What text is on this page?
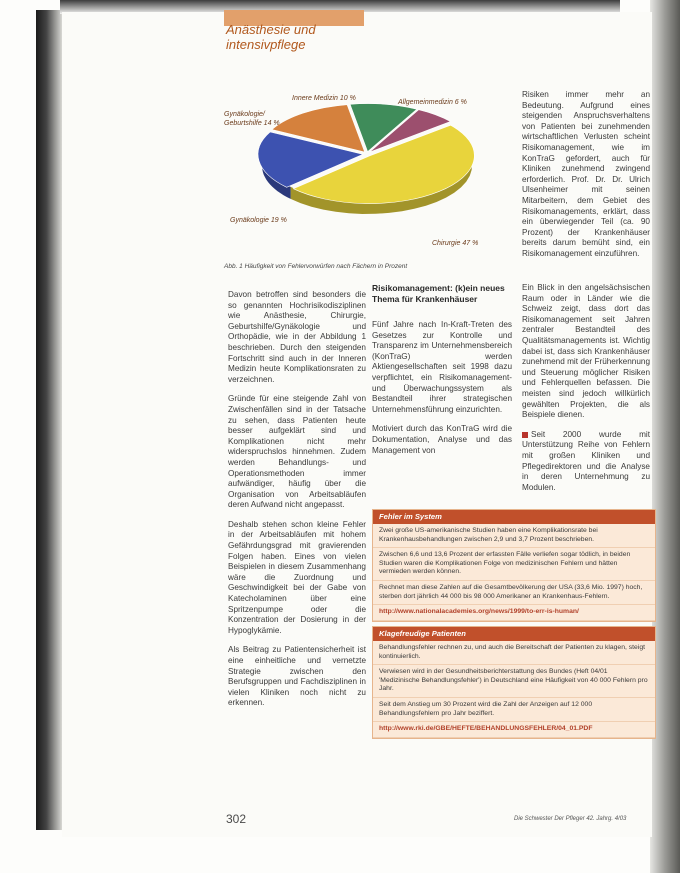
Anästhesie und
intensivpflege
Chirurgie 47 %
Gynäkologie 19 %
Gynäkologie/ Geburtshilfe 14 %
Innere Medizin 10 %
Allgemeinmedizin 6 %
Abb. 1 Häufigkeit von Fehlervorwürfen nach Fächern in Prozent

Davon betroffen sind besonders die so genannten Hochrisikodisziplinen wie Anästhesie, Chirurgie, Geburtshilfe/Gynäkologie und Orthopädie, wie in der Abbildung 1 beschrieben. Durch den steigenden Fortschritt sind auch in der Inneren Medizin heute Komplikationsraten zu verzeichnen.

Gründe für eine steigende Zahl von Zwischenfällen sind in der Tatsache zu sehen, dass Patienten heute besser aufgeklärt sind und Komplikationen nicht mehr widerspruchslos hinnehmen. Zudem werden Behandlungs- und Operationsmethoden immer aufwändiger, häufig über die Organisation von Arbeitsabläufen deren Aufwand nicht angepasst.

Deshalb stehen schon kleine Fehler in der Arbeitsabläufen mit hohem Gefährdungsgrad mit gravierenden Folgen haben. Eines von vielen Beispielen in diesem Zusammenhang wäre die Zuordnung und Geschwindigkeit bei der Gabe von Katecholaminen über eine Spritzenpumpe oder die Konzentration der Dosierung in der Hypoglykämie.

Als Beitrag zu Patientensicherheit ist eine einheitliche und vernetzte Strategie zwischen den Berufsgruppen und Fachdisziplinen in vielen Kliniken noch nicht zu erkennen.

Risikomanagement: (k)ein neues Thema für Krankenhäuser

Fünf Jahre nach In-Kraft-Treten des Gesetzes zur Kontrolle und Transparenz im Unternehmensbereich (KonTraG) werden Aktiengesellschaften seit 1998 dazu verpflichtet, ein Risikomanagement- und Überwachungssystem als Bestandteil ihrer strategischen Unternehmensführung einzurichten.

Motiviert durch das KonTraG wird die Dokumentation, Analyse und das Management von

Risiken immer mehr an Bedeutung. Aufgrund eines steigenden Anspruchsverhaltens von Patienten bei zunehmenden wirtschaftlichen Verlusten scheint Risikomanagement, wie im KonTraG gefordert, auch für Kliniken zunehmend zwingend erforderlich. Prof. Dr. Dr. Ulrich Ulsenheimer mit seinen Mitarbeitern, dem Gebiet des Risikomanagements, erklärt, dass ein überwiegender Teil (ca. 90 Prozent) der Krankenhäuser bereits darum bemüht sind, ein Risikomanagement einzuführen.

Ein Blick in den angelsächsischen Raum oder in Länder wie die Schweiz zeigt, dass dort das Risikomanagement seit Jahren zentraler Bestandteil des Qualitätsmanagements ist. Wichtig dabei ist, dass sich Krankenhäuser zunehmend mit der Früherkennung und Steuerung möglicher Risiken und Fehlerquellen befassen. Die meisten sind jedoch willkürlich gewählten Projekten, die als Beispiele dienen.

Seit 2000 wurde mit Unterstützung Reihe von Fehlern mit großen Kliniken und Pflegedirektoren und die Analyse in deren Unternehmung zu Modulen.

Fehler im System
Zwei große US-amerikanische Studien haben eine Komplikationsrate bei Krankenhausbehandlungen zwischen 2,9 und 3,7 Prozent beschrieben.
Zwischen 6,6 und 13,6 Prozent der erfassten Fälle verliefen sogar tödlich, in beiden Studien waren die Komplikationen Folge von medizinischen Fehlern und hätten vermieden werden können.
Rechnet man diese Zahlen auf die Gesamtbevölkerung der USA (33,6 Mio. 1997) hoch, sterben dort jährlich 44 000 bis 98 000 Amerikaner an Krankenhaus-Fehlern.
http://www.nationalacademies.org/news/1999/to-err-is-human/
Klagefreudige Patienten
Behandlungsfehler rechnen zu, und auch die Bereitschaft der Patienten zu klagen, steigt kontinuierlich.
Verwiesen wird in der Gesundheitsberichterstattung des Bundes (Heft 04/01 'Medizinische Behandlungsfehler') in Deutschland eine Häufigkeit von 40 000 Fehlern pro Jahr.
Seit dem Anstieg um 30 Prozent wird die Zahl der Anzeigen auf 12 000 Behandlungsfehlern pro Jahr beziffert.
http://www.rki.de/GBE/HEFTE/BEHANDLUNGSFEHLER/04_01.PDF
302	Die Schwester Der Pfleger 42. Jahrg. 4/03
